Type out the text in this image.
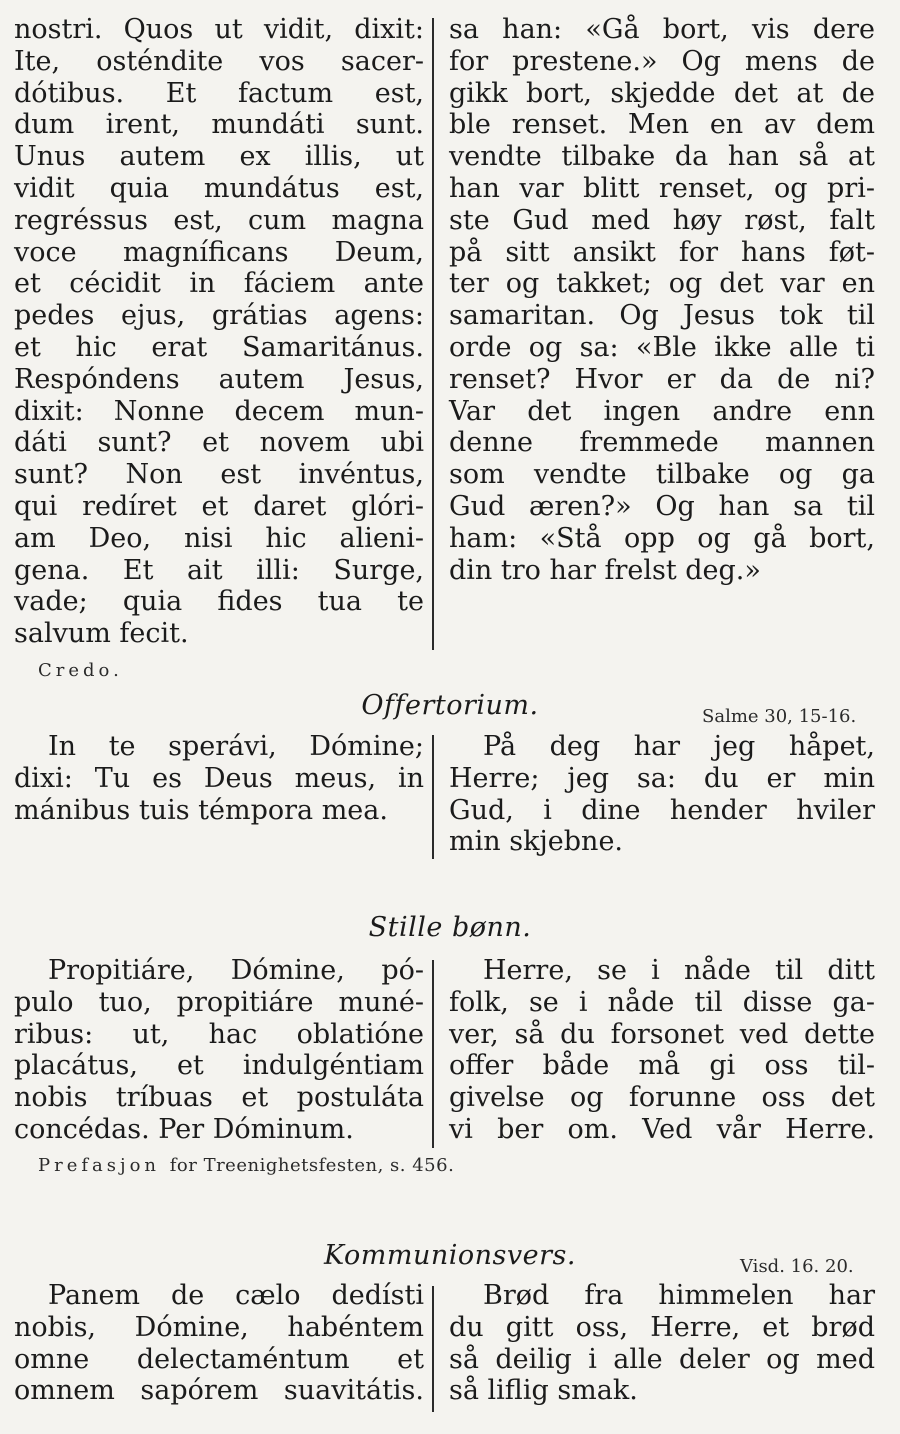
nostri. Quos ut vidit, dixit:
Ite, osténdite vos sacer-
dótibus. Et factum est,
dum irent, mundáti sunt.
Unus autem ex illis, ut
vidit quia mundátus est,
regréssus est, cum magna
voce magníficans Deum,
et cécidit in fáciem ante
pedes ejus, grátias agens:
et hic erat Samaritánus.
Respóndens autem Jesus,
dixit: Nonne decem mun-
dáti sunt? et novem ubi
sunt? Non est invéntus,
qui redíret et daret glóri-
am Deo, nisi hic alieni-
gena. Et ait illi: Surge,
vade; quia fides tua te
salvum fecit.
sa han: «Gå bort, vis dere
for prestene.» Og mens de
gikk bort, skjedde det at de
ble renset. Men en av dem
vendte tilbake da han så at
han var blitt renset, og pri-
ste Gud med høy røst, falt
på sitt ansikt for hans føt-
ter og takket; og det var en
samaritan. Og Jesus tok til
orde og sa: «Ble ikke alle ti
renset? Hvor er da de ni?
Var det ingen andre enn
denne fremmede mannen
som vendte tilbake og ga
Gud æren?» Og han sa til
ham: «Stå opp og gå bort,
din tro har frelst deg.»
Credo.
Offertorium.	Salme 30, 15-16.
In te sperávi, Dómine;
dixi: Tu es Deus meus, in
mánibus tuis témpora mea.
På deg har jeg håpet,
Herre; jeg sa: du er min
Gud, i dine hender hviler
min skjebne.
Stille bønn.
Propitiáre, Dómine, pó-
pulo tuo, propitiáre muné-
ribus: ut, hac oblatióne
placátus, et indulgéntiam
nobis tríbuas et postuláta
concédas. Per Dóminum.
Herre, se i nåde til ditt
folk, se i nåde til disse ga-
ver, så du forsonet ved dette
offer både må gi oss til-
givelse og forunne oss det
vi ber om. Ved vår Herre.
Prefasjon for Treenighetsfesten, s. 456.
Kommunionsvers.	Visd. 16. 20.
Panem de cælo dedísti
nobis, Dómine, habéntem
omne delectaméntum et
omnem sapórem suavitátis.
Brød fra himmelen har
du gitt oss, Herre, et brød
så deilig i alle deler og med
så liflig smak.
